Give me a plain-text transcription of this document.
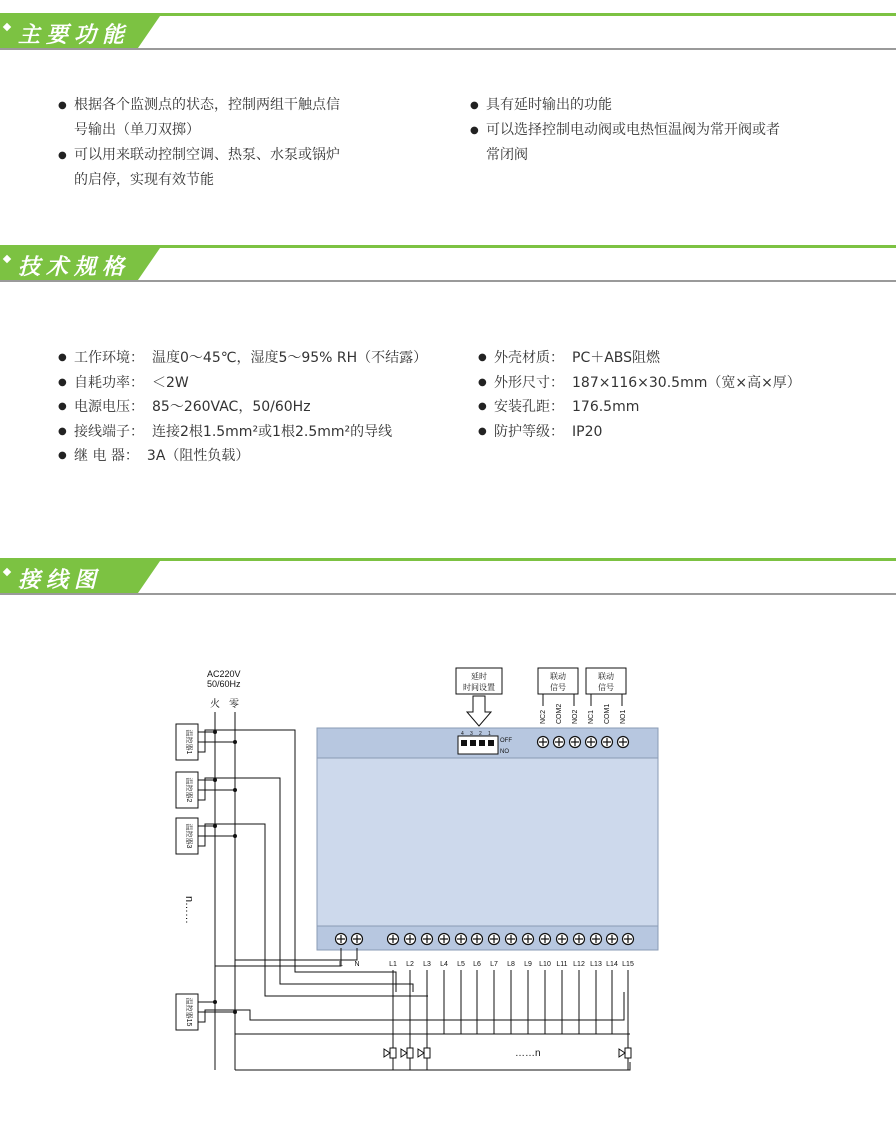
主要功能
● 根据各个监测点的状态，控制两组干触点信
号输出（单刀双掷）
● 可以用来联动控制空调、热泵、水泵或锅炉
的启停，实现有效节能
● 具有延时输出的功能
● 可以选择控制电动阀或电热恒温阀为常开阀或者
常闭阀
技术规格
● 工作环境： 温度0～45℃，湿度5～95% RH（不结露）
● 自耗功率： ＜2W
● 电源电压： 85～260VAC，50/60Hz
● 接线端子： 连接2根1.5mm²或1根2.5mm²的导线
● 继 电 器： 3A（阻性负载）
● 外壳材质： PC＋ABS阻燃
● 外形尺寸： 187×116×30.5mm（宽×高×厚）
● 安装孔距： 176.5mm
● 防护等级： IP20
接线图
AC220V
50/60Hz
火 零
温控器1
温控器2
温控器3
n……
温控器15
4 3 2 1
OFF
NO
延时
时间设置
联动
信号
联动
信号
NC2 COM2 NO2 NC1 COM1 NO1
L N	L1 L2 L3 L4 L5 L6 L7 L8 L9 L10 L11 L12 L13 L14 L15
……n
